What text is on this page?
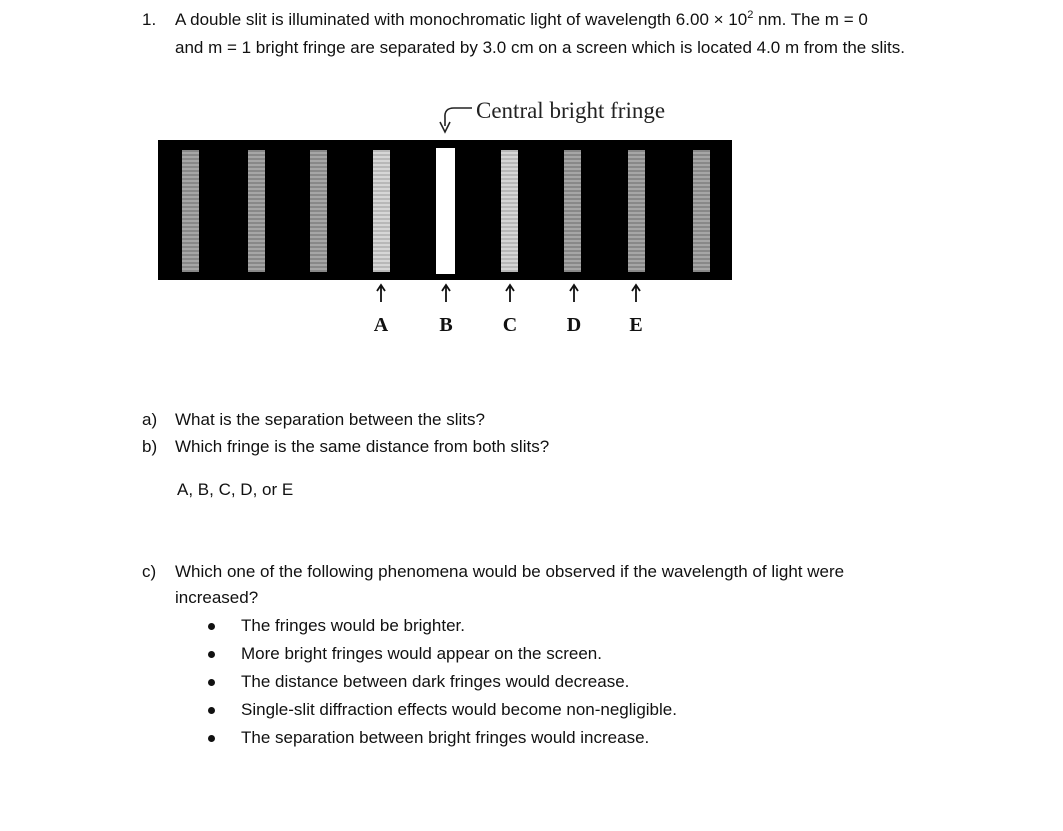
1. A double slit is illuminated with monochromatic light of wavelength $6.00 \times 10^2$ nm. The m = 0
and m = 1 bright fringe are separated by 3.0 cm on a screen which is located 4.0 m from the slits.
Central bright fringe
A	B	C D E
a) What is the separation between the slits?
b) Which fringe is the same distance from both slits?
A, B, C, D, or E
c) Which one of the following phenomena would be observed if the wavelength of light were
increased?
The fringes would be brighter.
More bright fringes would appear on the screen.
The distance between dark fringes would decrease.
Single-slit diffraction effects would become non-negligible.
The separation between bright fringes would increase.
